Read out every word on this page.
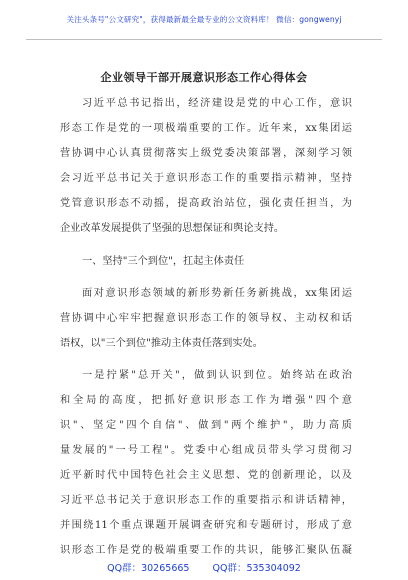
关注头条号"公文研究"，获得最新最全最专业的公文资料库！ 微信：gongwenyj
企业领导干部开展意识形态工作心得体会
习近平总书记指出，经济建设是党的中心工作，意识
形态工作是党的一项极端重要的工作。近年来，xx集团运
营协调中心认真贯彻落实上级党委决策部署，深刻学习领
会习近平总书记关于意识形态工作的重要指示精神，坚持
党管意识形态不动摇，提高政治站位，强化责任担当，为
企业改革发展提供了坚强的思想保证和舆论支持。
一、坚持"三个到位"，扛起主体责任
面对意识形态领域的新形势新任务新挑战，xx集团运
营协调中心牢牢把握意识形态工作的领导权、主动权和话
语权，以"三个到位"推动主体责任落到实处。
一是拧紧"总开关"，做到认识到位。始终站在政治
和全局的高度，把抓好意识形态工作为增强"四个意
识"、坚定"四个自信"、做到"两个维护"，助力高质
量发展的"一号工程"。党委中心组成员带头学习贯彻习
近平新时代中国特色社会主义思想、党的创新理论，以及
习近平总书记关于意识形态工作的重要指示和讲话精神，
并围绕11个重点课题开展调查研究和专题研讨，形成了意
识形态工作是党的极端重要工作的共识，能够汇聚队伍凝
QQ群：30265665 QQ群：535304092
